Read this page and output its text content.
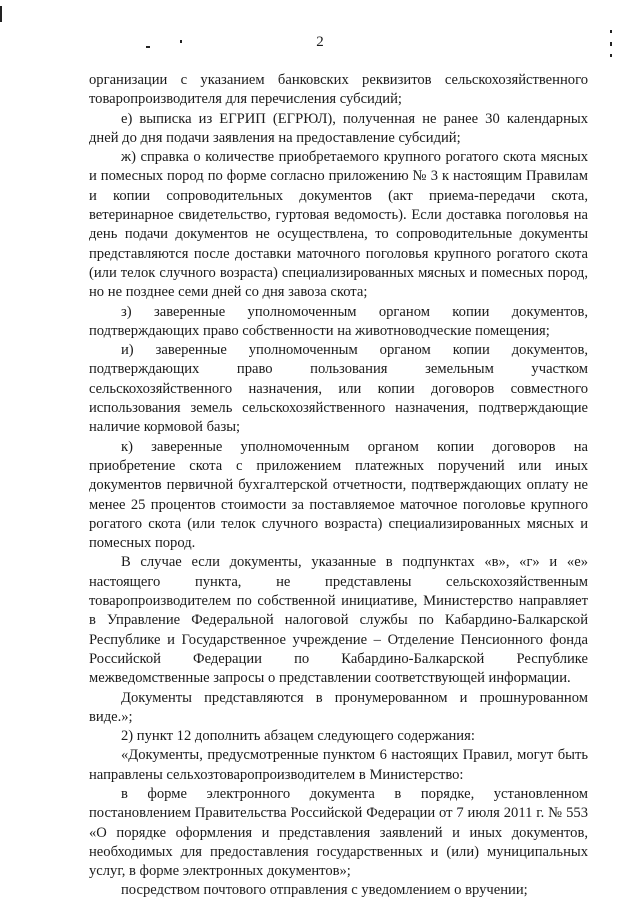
2

организации с указанием банковских реквизитов сельскохозяйственного товаропроизводителя для перечисления субсидий;

е) выписка из ЕГРИП (ЕГРЮЛ), полученная не ранее 30 календарных дней до дня подачи заявления на предоставление субсидий;

ж) справка о количестве приобретаемого крупного рогатого скота мясных и помесных пород по форме согласно приложению № 3 к настоящим Правилам и копии сопроводительных документов (акт приема-передачи скота, ветеринарное свидетельство, гуртовая ведомость). Если доставка поголовья на день подачи документов не осуществлена, то сопроводительные документы представляются после доставки маточного поголовья крупного рогатого скота (или телок случного возраста) специализированных мясных и помесных пород, но не позднее семи дней со дня завоза скота;

з) заверенные уполномоченным органом копии документов, подтверждающих право собственности на животноводческие помещения;

и) заверенные уполномоченным органом копии документов, подтверждающих право пользования земельным участком сельскохозяйственного назначения, или копии договоров совместного использования земель сельскохозяйственного назначения, подтверждающие наличие кормовой базы;

к) заверенные уполномоченным органом копии договоров на приобретение скота с приложением платежных поручений или иных документов первичной бухгалтерской отчетности, подтверждающих оплату не менее 25 процентов стоимости за поставляемое маточное поголовье крупного рогатого скота (или телок случного возраста) специализированных мясных и помесных пород.

В случае если документы, указанные в подпунктах «в», «г» и «е» настоящего пункта, не представлены сельскохозяйственным товаропроизводителем по собственной инициативе, Министерство направляет в Управление Федеральной налоговой службы по Кабардино-Балкарской Республике и Государственное учреждение – Отделение Пенсионного фонда Российской Федерации по Кабардино-Балкарской Республике межведомственные запросы о представлении соответствующей информации.

Документы представляются в пронумерованном и прошнурованном виде.»;

2) пункт 12 дополнить абзацем следующего содержания:

«Документы, предусмотренные пунктом 6 настоящих Правил, могут быть направлены сельхозтоваропроизводителем в Министерство:

в форме электронного документа в порядке, установленном постановлением Правительства Российской Федерации от 7 июля 2011 г. № 553 «О порядке оформления и представления заявлений и иных документов, необходимых для предоставления государственных и (или) муниципальных услуг, в форме электронных документов»;

посредством почтового отправления с уведомлением о вручении;
